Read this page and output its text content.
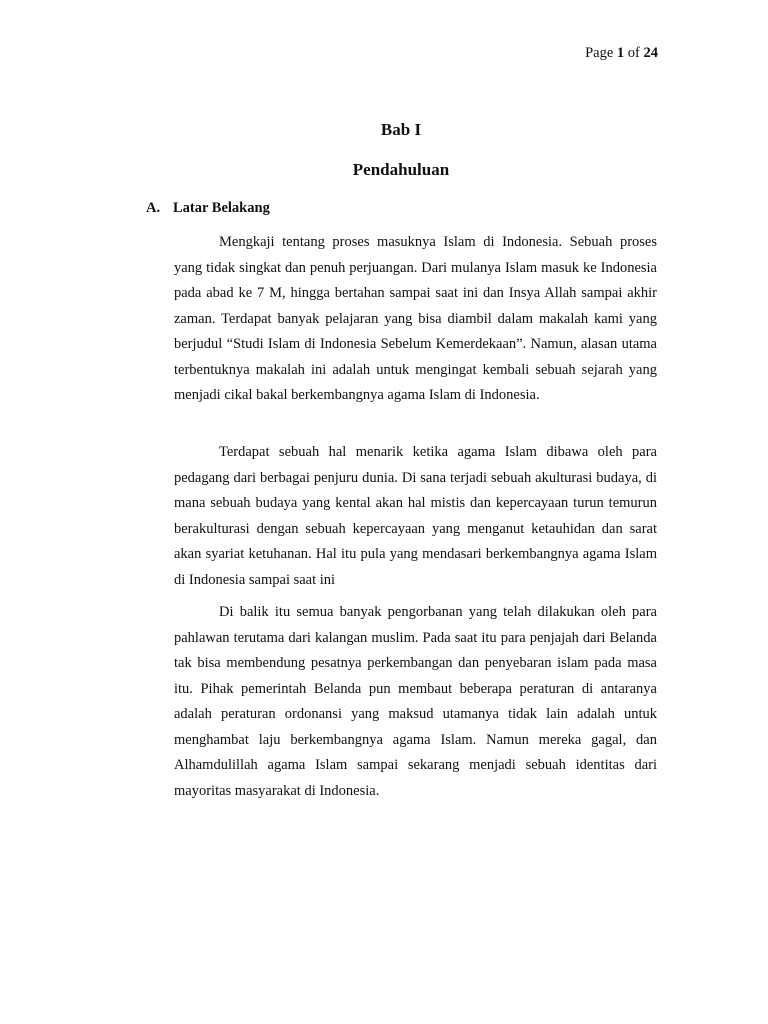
Page 1 of 24
Bab I
Pendahuluan
A. Latar Belakang

Mengkaji tentang proses masuknya Islam di Indonesia. Sebuah proses yang tidak singkat dan penuh perjuangan. Dari mulanya Islam masuk ke Indonesia pada abad ke 7 M, hingga bertahan sampai saat ini dan Insya Allah sampai akhir zaman. Terdapat banyak pelajaran yang bisa diambil dalam makalah kami yang berjudul “Studi Islam di Indonesia Sebelum Kemerdekaan”. Namun, alasan utama terbentuknya makalah ini adalah untuk mengingat kembali sebuah sejarah yang menjadi cikal bakal berkembangnya agama Islam di Indonesia.

Terdapat sebuah hal menarik ketika agama Islam dibawa oleh para pedagang dari berbagai penjuru dunia. Di sana terjadi sebuah akulturasi budaya, di mana sebuah budaya yang kental akan hal mistis dan kepercayaan turun temurun berakulturasi dengan sebuah kepercayaan yang menganut ketauhidan dan sarat akan syariat ketuhanan. Hal itu pula yang mendasari berkembangnya agama Islam di Indonesia sampai saat ini

Di balik itu semua banyak pengorbanan yang telah dilakukan oleh para pahlawan terutama dari kalangan muslim. Pada saat itu para penjajah dari Belanda tak bisa membendung pesatnya perkembangan dan penyebaran islam pada masa itu. Pihak pemerintah Belanda pun membaut beberapa peraturan di antaranya adalah peraturan ordonansi yang maksud utamanya tidak lain adalah untuk menghambat laju berkembangnya agama Islam. Namun mereka gagal, dan Alhamdulillah agama Islam sampai sekarang menjadi sebuah identitas dari mayoritas masyarakat di Indonesia.
